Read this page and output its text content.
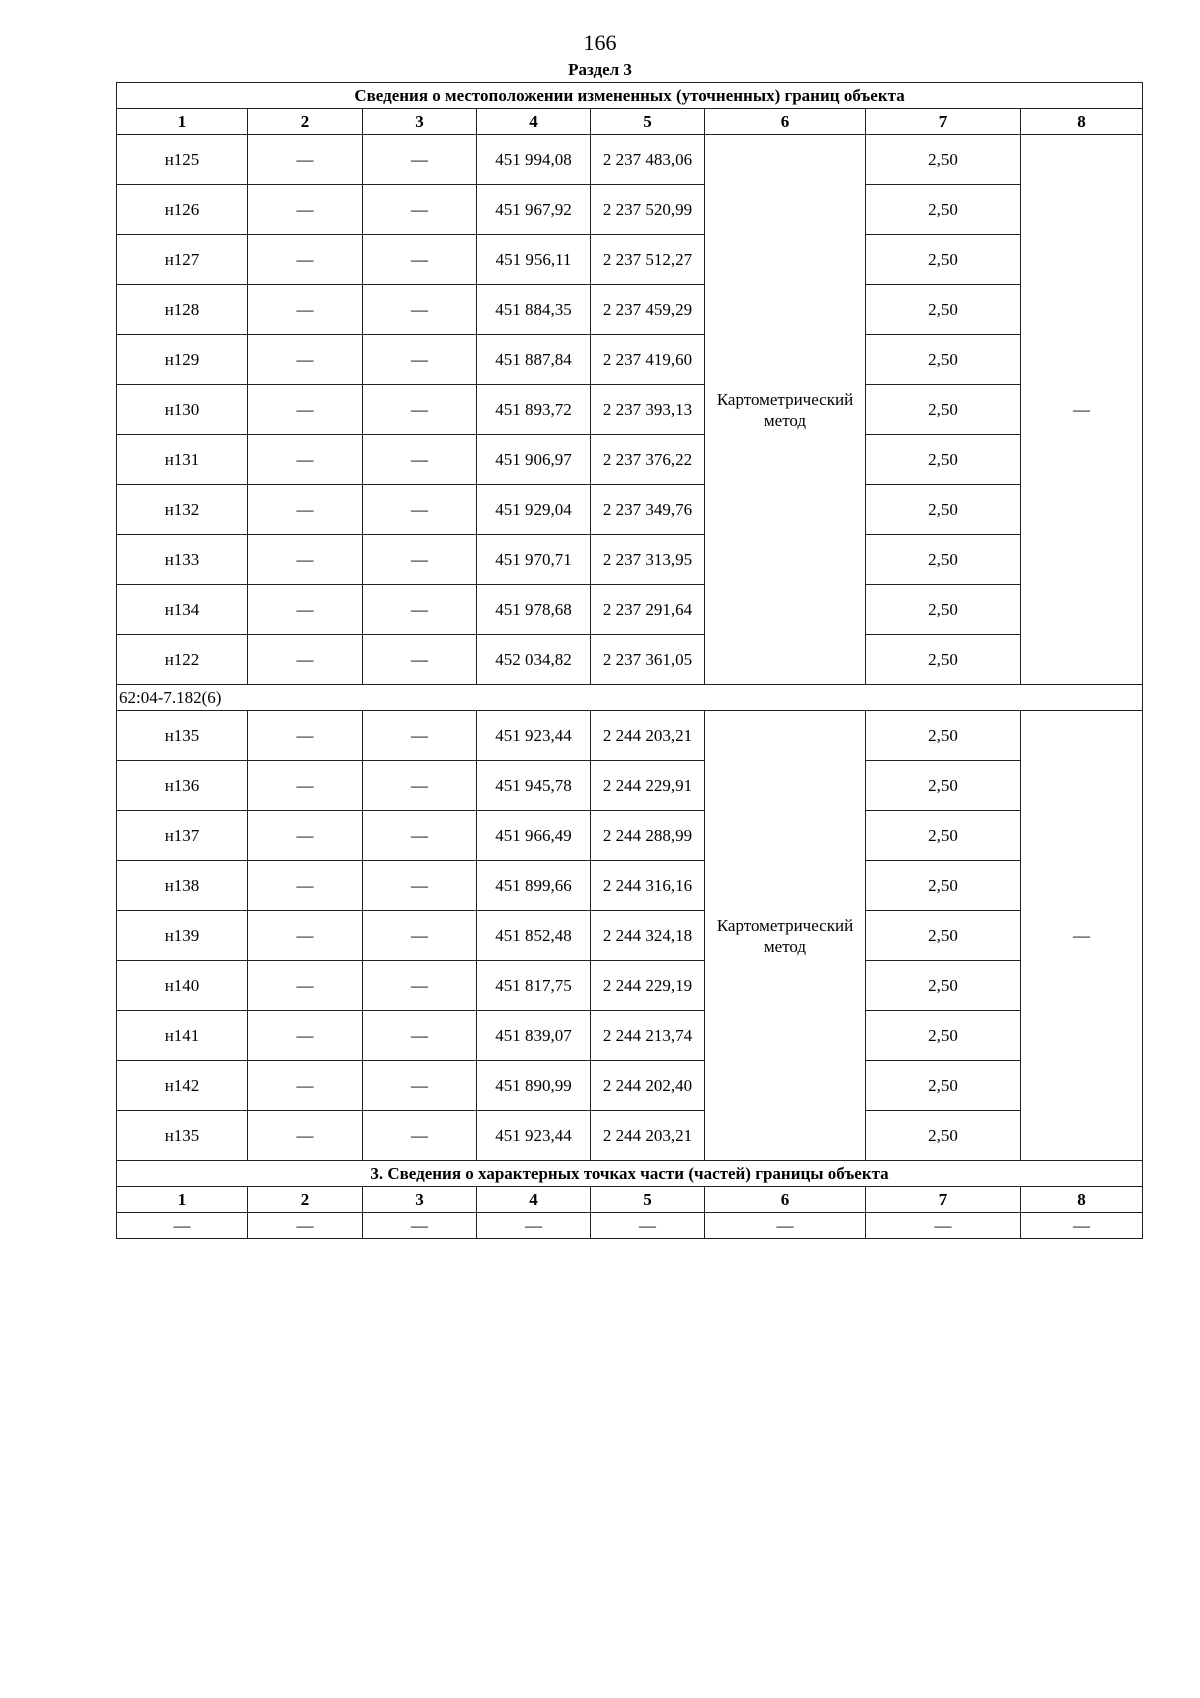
166
Раздел 3
Сведения о местоположении измененных (уточненных) границ объекта							
1	2	3	4	5	6	7	8
н125	—	—	451 994,08	2 237 483,06	Картометрический метод	2,50	—
н126	—	—	451 967,92	2 237 520,99		2,50	
н127	—	—	451 956,11	2 237 512,27		2,50	
н128	—	—	451 884,35	2 237 459,29		2,50	
н129	—	—	451 887,84	2 237 419,60		2,50	
н130	—	—	451 893,72	2 237 393,13		2,50	
н131	—	—	451 906,97	2 237 376,22		2,50	
н132	—	—	451 929,04	2 237 349,76		2,50	
н133	—	—	451 970,71	2 237 313,95		2,50	
н134	—	—	451 978,68	2 237 291,64		2,50	
н122	—	—	452 034,82	2 237 361,05		2,50	
62:04-7.182(6)							
н135	—	—	451 923,44	2 244 203,21	Картометрический метод	2,50	—
н136	—	—	451 945,78	2 244 229,91		2,50	
н137	—	—	451 966,49	2 244 288,99		2,50	
н138	—	—	451 899,66	2 244 316,16		2,50	
н139	—	—	451 852,48	2 244 324,18		2,50	
н140	—	—	451 817,75	2 244 229,19		2,50	
н141	—	—	451 839,07	2 244 213,74		2,50	
н142	—	—	451 890,99	2 244 202,40		2,50	
н135	—	—	451 923,44	2 244 203,21		2,50	
3. Сведения о характерных точках части (частей) границы объекта							
1	2	3	4	5	6	7	8
—	—	—	—	—	—	—	—
